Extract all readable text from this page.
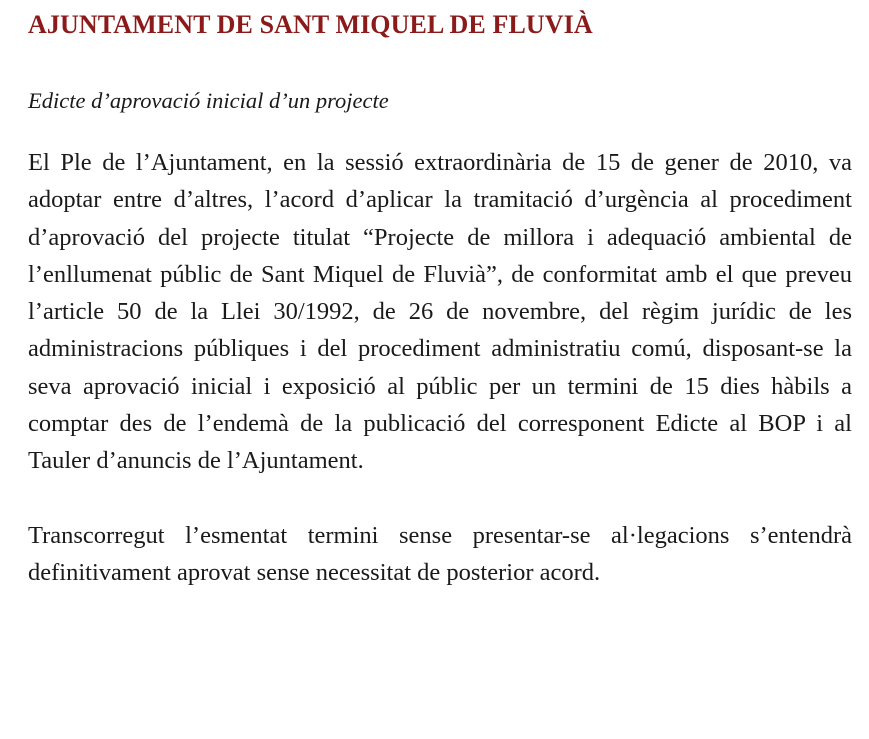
AJUNTAMENT DE SANT MIQUEL DE FLUVIÀ

Edicte d’aprovació inicial d’un projecte

El Ple de l’Ajuntament, en la sessió extraordinària de 15 de gener de 2010, va adoptar entre d’altres, l’acord d’aplicar la tramitació d’urgència al procediment d’aprovació del projecte titulat “Projecte de millora i adequació ambiental de l’enllumenat públic de Sant Miquel de Fluvià”, de conformitat amb el que preveu l’article 50 de la Llei 30/1992, de 26 de novembre, del règim jurídic de les administracions públiques i del procediment administratiu comú, disposant-se la seva aprovació inicial i exposició al públic per un termini de 15 dies hàbils a comptar des de l’endemà de la publicació del corresponent Edicte al BOP i al Tauler d’anuncis de l’Ajuntament.

Transcorregut l’esmentat termini sense presentar-se al·legacions s’entendrà definitivament aprovat sense necessitat de posterior acord.
